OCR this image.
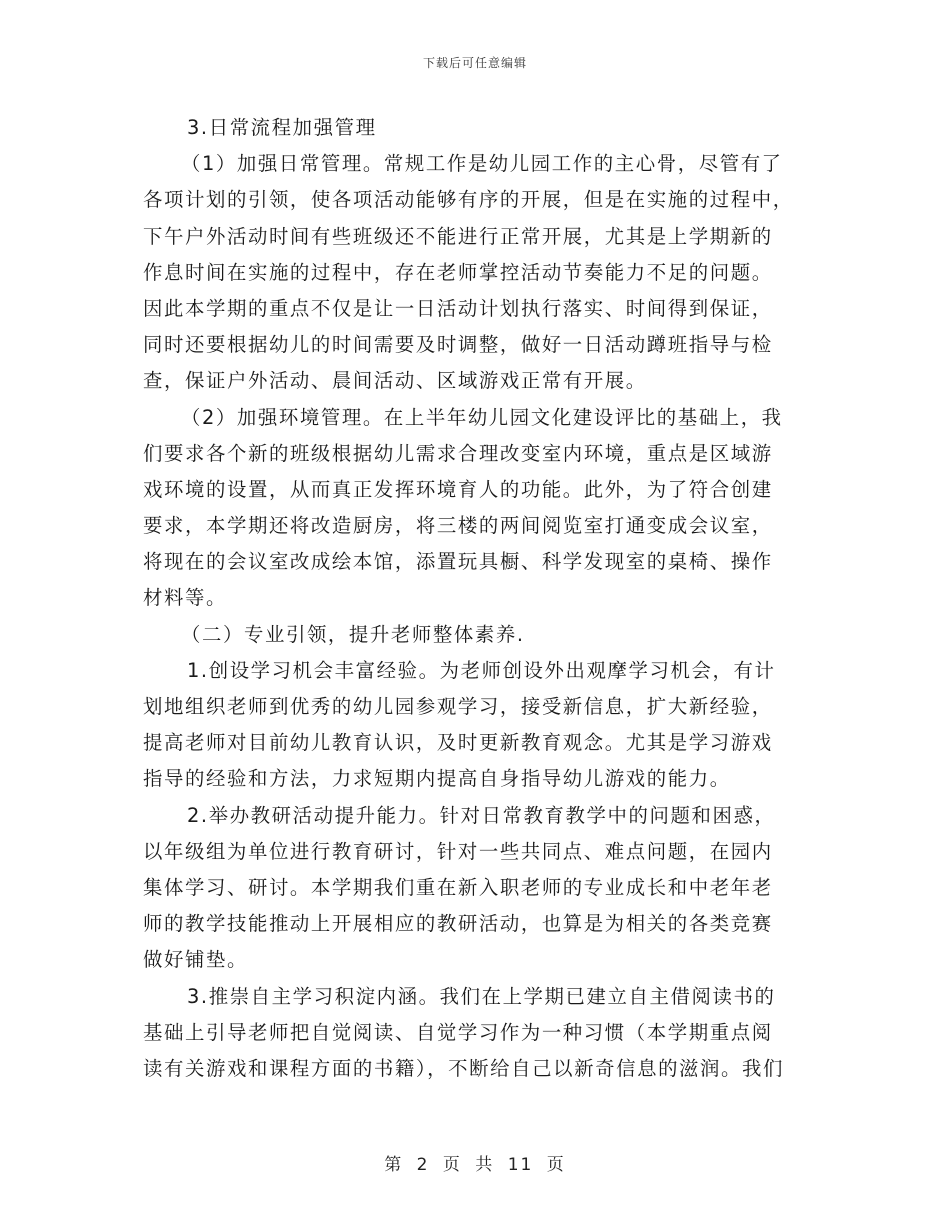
下载后可任意编辑
3.日常流程加强管理
（1）加强日常管理。常规工作是幼儿园工作的主心骨，尽管有了
各项计划的引领，使各项活动能够有序的开展，但是在实施的过程中，
下午户外活动时间有些班级还不能进行正常开展，尤其是上学期新的
作息时间在实施的过程中，存在老师掌控活动节奏能力不足的问题。
因此本学期的重点不仅是让一日活动计划执行落实、时间得到保证，
同时还要根据幼儿的时间需要及时调整，做好一日活动蹲班指导与检
查，保证户外活动、晨间活动、区域游戏正常有开展。
（2）加强环境管理。在上半年幼儿园文化建设评比的基础上，我
们要求各个新的班级根据幼儿需求合理改变室内环境，重点是区域游
戏环境的设置，从而真正发挥环境育人的功能。此外，为了符合创建
要求，本学期还将改造厨房，将三楼的两间阅览室打通变成会议室，
将现在的会议室改成绘本馆，添置玩具橱、科学发现室的桌椅、操作
材料等。
（二）专业引领，提升老师整体素养.
1.创设学习机会丰富经验。为老师创设外出观摩学习机会，有计
划地组织老师到优秀的幼儿园参观学习，接受新信息，扩大新经验，
提高老师对目前幼儿教育认识，及时更新教育观念。尤其是学习游戏
指导的经验和方法，力求短期内提高自身指导幼儿游戏的能力。
2.举办教研活动提升能力。针对日常教育教学中的问题和困惑，
以年级组为单位进行教育研讨，针对一些共同点、难点问题，在园内
集体学习、研讨。本学期我们重在新入职老师的专业成长和中老年老
师的教学技能推动上开展相应的教研活动，也算是为相关的各类竞赛
做好铺垫。
3.推崇自主学习积淀内涵。我们在上学期已建立自主借阅读书的
基础上引导老师把自觉阅读、自觉学习作为一种习惯（本学期重点阅
读有关游戏和课程方面的书籍），不断给自己以新奇信息的滋润。我们
第 2 页 共 11 页
